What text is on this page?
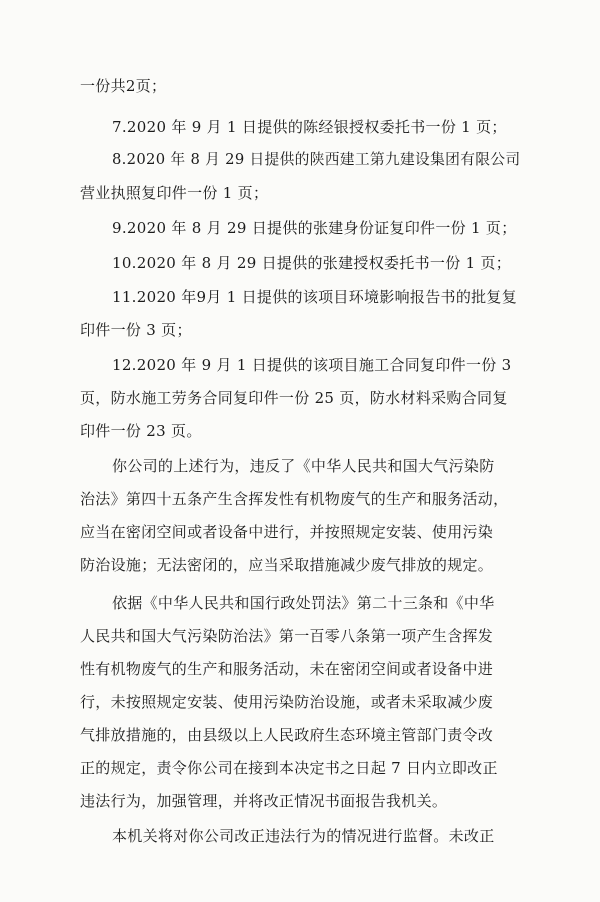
一份共2页；
7.2020 年 9 月 1 日提供的陈经银授权委托书一份 1 页；
8.2020 年 8 月 29 日提供的陕西建工第九建设集团有限公司
营业执照复印件一份 1 页；
9.2020 年 8 月 29 日提供的张建身份证复印件一份 1 页；
10.2020 年 8 月 29 日提供的张建授权委托书一份 1 页；
11.2020 年9月 1 日提供的该项目环境影响报告书的批复复
印件一份 3 页；
12.2020 年 9 月 1 日提供的该项目施工合同复印件一份 3
页，防水施工劳务合同复印件一份 25 页，防水材料采购合同复
印件一份 23 页。
你公司的上述行为，违反了《中华人民共和国大气污染防
治法》第四十五条产生含挥发性有机物废气的生产和服务活动，
应当在密闭空间或者设备中进行，并按照规定安装、使用污染
防治设施；无法密闭的，应当采取措施减少废气排放的规定。
依据《中华人民共和国行政处罚法》第二十三条和《中华
人民共和国大气污染防治法》第一百零八条第一项产生含挥发
性有机物废气的生产和服务活动，未在密闭空间或者设备中进
行，未按照规定安装、使用污染防治设施，或者未采取减少废
气排放措施的，由县级以上人民政府生态环境主管部门责令改
正的规定，责令你公司在接到本决定书之日起 7 日内立即改正
违法行为，加强管理，并将改正情况书面报告我机关。
本机关将对你公司改正违法行为的情况进行监督。未改正
